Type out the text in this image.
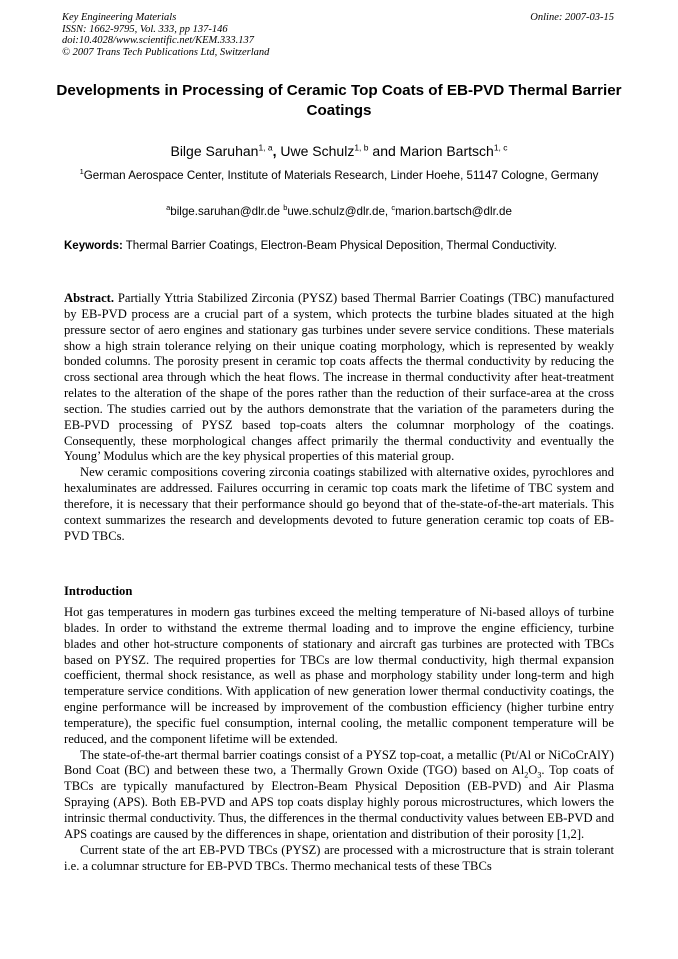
Key Engineering Materials
ISSN: 1662-9795, Vol. 333, pp 137-146
doi:10.4028/www.scientific.net/KEM.333.137
© 2007 Trans Tech Publications Ltd, Switzerland
Online: 2007-03-15
Developments in Processing of Ceramic Top Coats of EB-PVD Thermal Barrier Coatings
Bilge Saruhan$^{1, a}$, Uwe Schulz$^{1, b}$ and Marion Bartsch$^{1, c}$
$^1$German Aerospace Center, Institute of Materials Research, Linder Hoehe, 51147 Cologne, Germany
$^a$bilge.saruhan@dlr.de $^b$uwe.schulz@dlr.de, $^c$marion.bartsch@dlr.de
Keywords: Thermal Barrier Coatings, Electron-Beam Physical Deposition, Thermal Conductivity.

Abstract. Partially Yttria Stabilized Zirconia (PYSZ) based Thermal Barrier Coatings (TBC) manufactured by EB-PVD process are a crucial part of a system, which protects the turbine blades situated at the high pressure sector of aero engines and stationary gas turbines under severe service conditions. These materials show a high strain tolerance relying on their unique coating morphology, which is represented by weakly bonded columns. The porosity present in ceramic top coats affects the thermal conductivity by reducing the cross sectional area through which the heat flows. The increase in thermal conductivity after heat-treatment relates to the alteration of the shape of the pores rather than the reduction of their surface-area at the cross section. The studies carried out by the authors demonstrate that the variation of the parameters during the EB-PVD processing of PYSZ based top-coats alters the columnar morphology of the coatings. Consequently, these morphological changes affect primarily the thermal conductivity and eventually the Young’ Modulus which are the key physical properties of this material group.

New ceramic compositions covering zirconia coatings stabilized with alternative oxides, pyrochlores and hexaluminates are addressed. Failures occurring in ceramic top coats mark the lifetime of TBC system and therefore, it is necessary that their performance should go beyond that of the-state-of-the-art materials. This context summarizes the research and developments devoted to future generation ceramic top coats of EB-PVD TBCs.

Introduction

Hot gas temperatures in modern gas turbines exceed the melting temperature of Ni-based alloys of turbine blades. In order to withstand the extreme thermal loading and to improve the engine efficiency, turbine blades and other hot-structure components of stationary and aircraft gas turbines are protected with TBCs based on PYSZ. The required properties for TBCs are low thermal conductivity, high thermal expansion coefficient, thermal shock resistance, as well as phase and morphology stability under long-term and high temperature service conditions. With application of new generation lower thermal conductivity coatings, the engine performance will be increased by improvement of the combustion efficiency (higher turbine entry temperature), the specific fuel consumption, internal cooling, the metallic component temperature will be reduced, and the component lifetime will be extended.

The state-of-the-art thermal barrier coatings consist of a PYSZ top-coat, a metallic (Pt/Al or NiCoCrAlY) Bond Coat (BC) and between these two, a Thermally Grown Oxide (TGO) based on $Al_2O_3$. Top coats of TBCs are typically manufactured by Electron-Beam Physical Deposition (EB-PVD) and Air Plasma Spraying (APS). Both EB-PVD and APS top coats display highly porous microstructures, which lowers the intrinsic thermal conductivity. Thus, the differences in the thermal conductivity values between EB-PVD and APS coatings are caused by the differences in shape, orientation and distribution of their porosity [1,2].

Current state of the art EB-PVD TBCs (PYSZ) are processed with a microstructure that is strain tolerant i.e. a columnar structure for EB-PVD TBCs. Thermo mechanical tests of these TBCs
